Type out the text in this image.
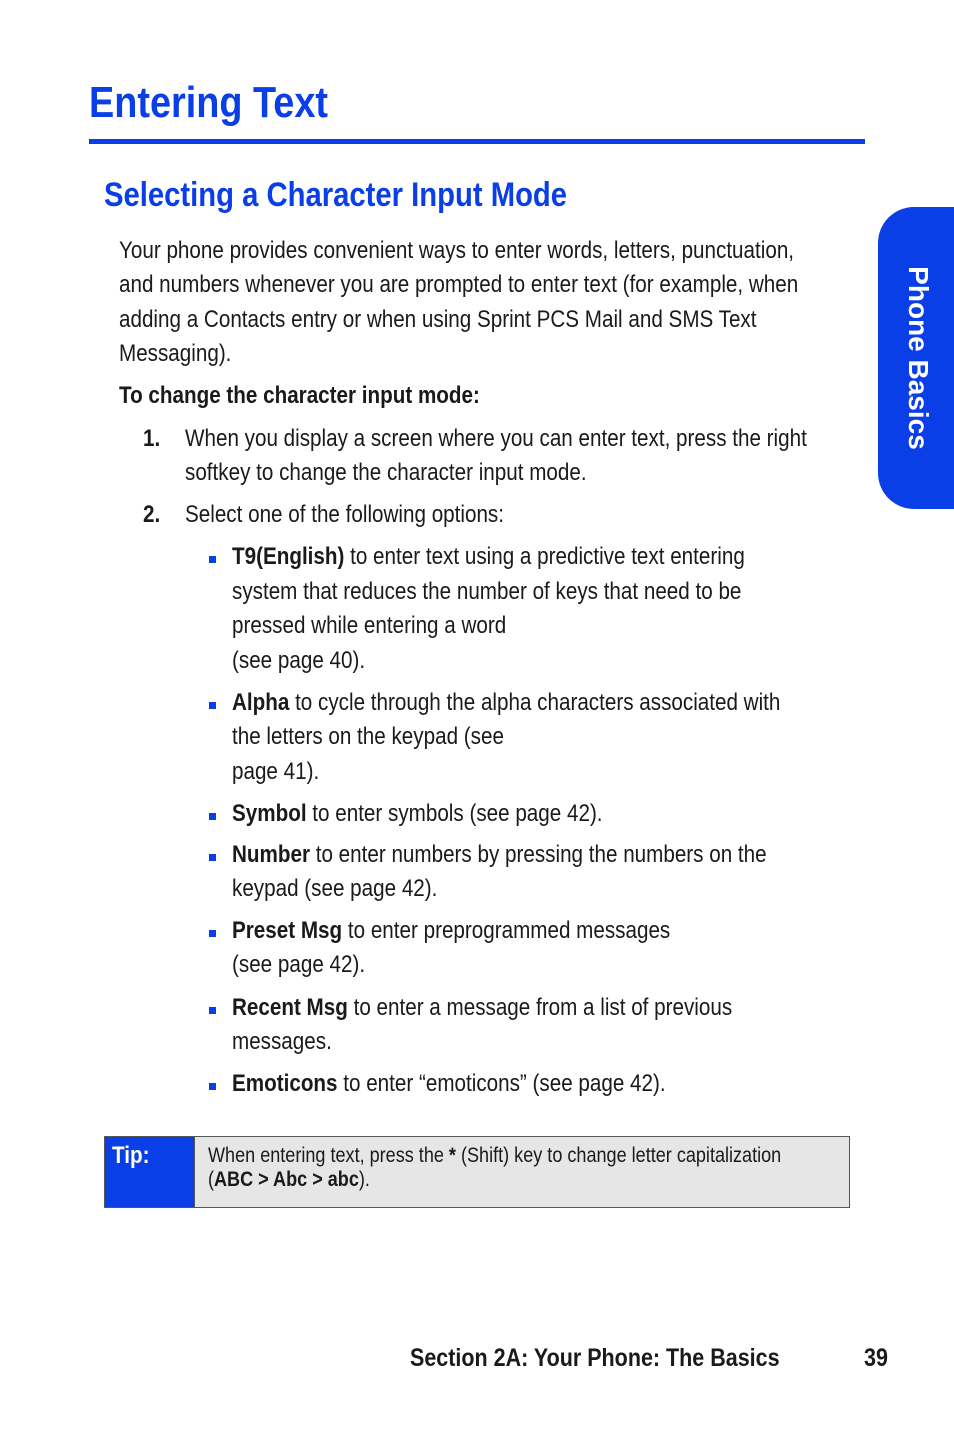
Entering Text
Selecting a Character Input Mode
Phone Basics
Your phone provides convenient ways to enter words, letters, punctuation,
and numbers whenever you are prompted to enter text (for example, when
adding a Contacts entry or when using Sprint PCS Mail and SMS Text
Messaging).
To change the character input mode:
1. When you display a screen where you can enter text, press the right
softkey to change the character input mode.
2. Select one of the following options:
T9(English) to enter text using a predictive text entering
system that reduces the number of keys that need to be
pressed while entering a word
(see page 40).
Alpha to cycle through the alpha characters associated with
the letters on the keypad (see
page 41).
Symbol to enter symbols (see page 42).
Number to enter numbers by pressing the numbers on the
keypad (see page 42).
Preset Msg to enter preprogrammed messages
(see page 42).
Recent Msg to enter a message from a list of previous
messages.
Emoticons to enter “emoticons” (see page 42).
Tip:	When entering text, press the * (Shift) key to change letter capitalization
(ABC > Abc > abc).
Section 2A: Your Phone: The Basics	39
